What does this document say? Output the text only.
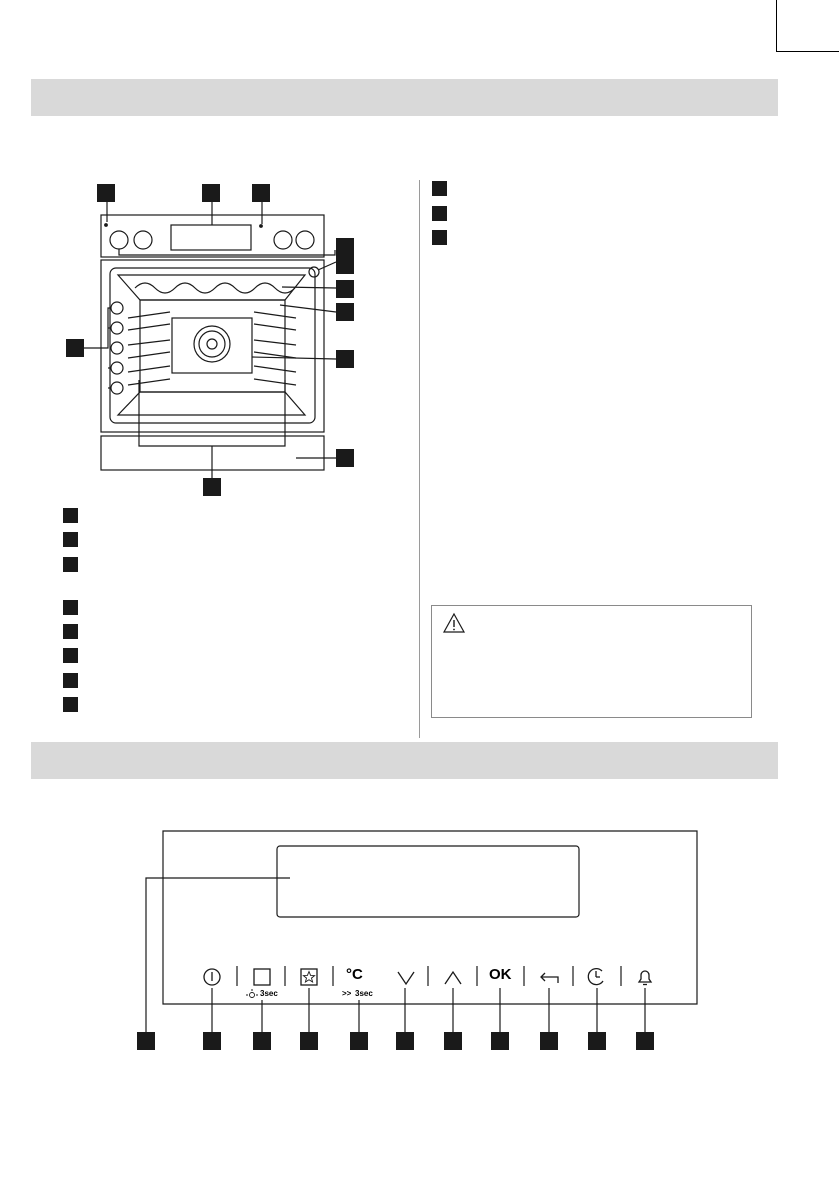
3sec
°C
>> 3sec
OK
